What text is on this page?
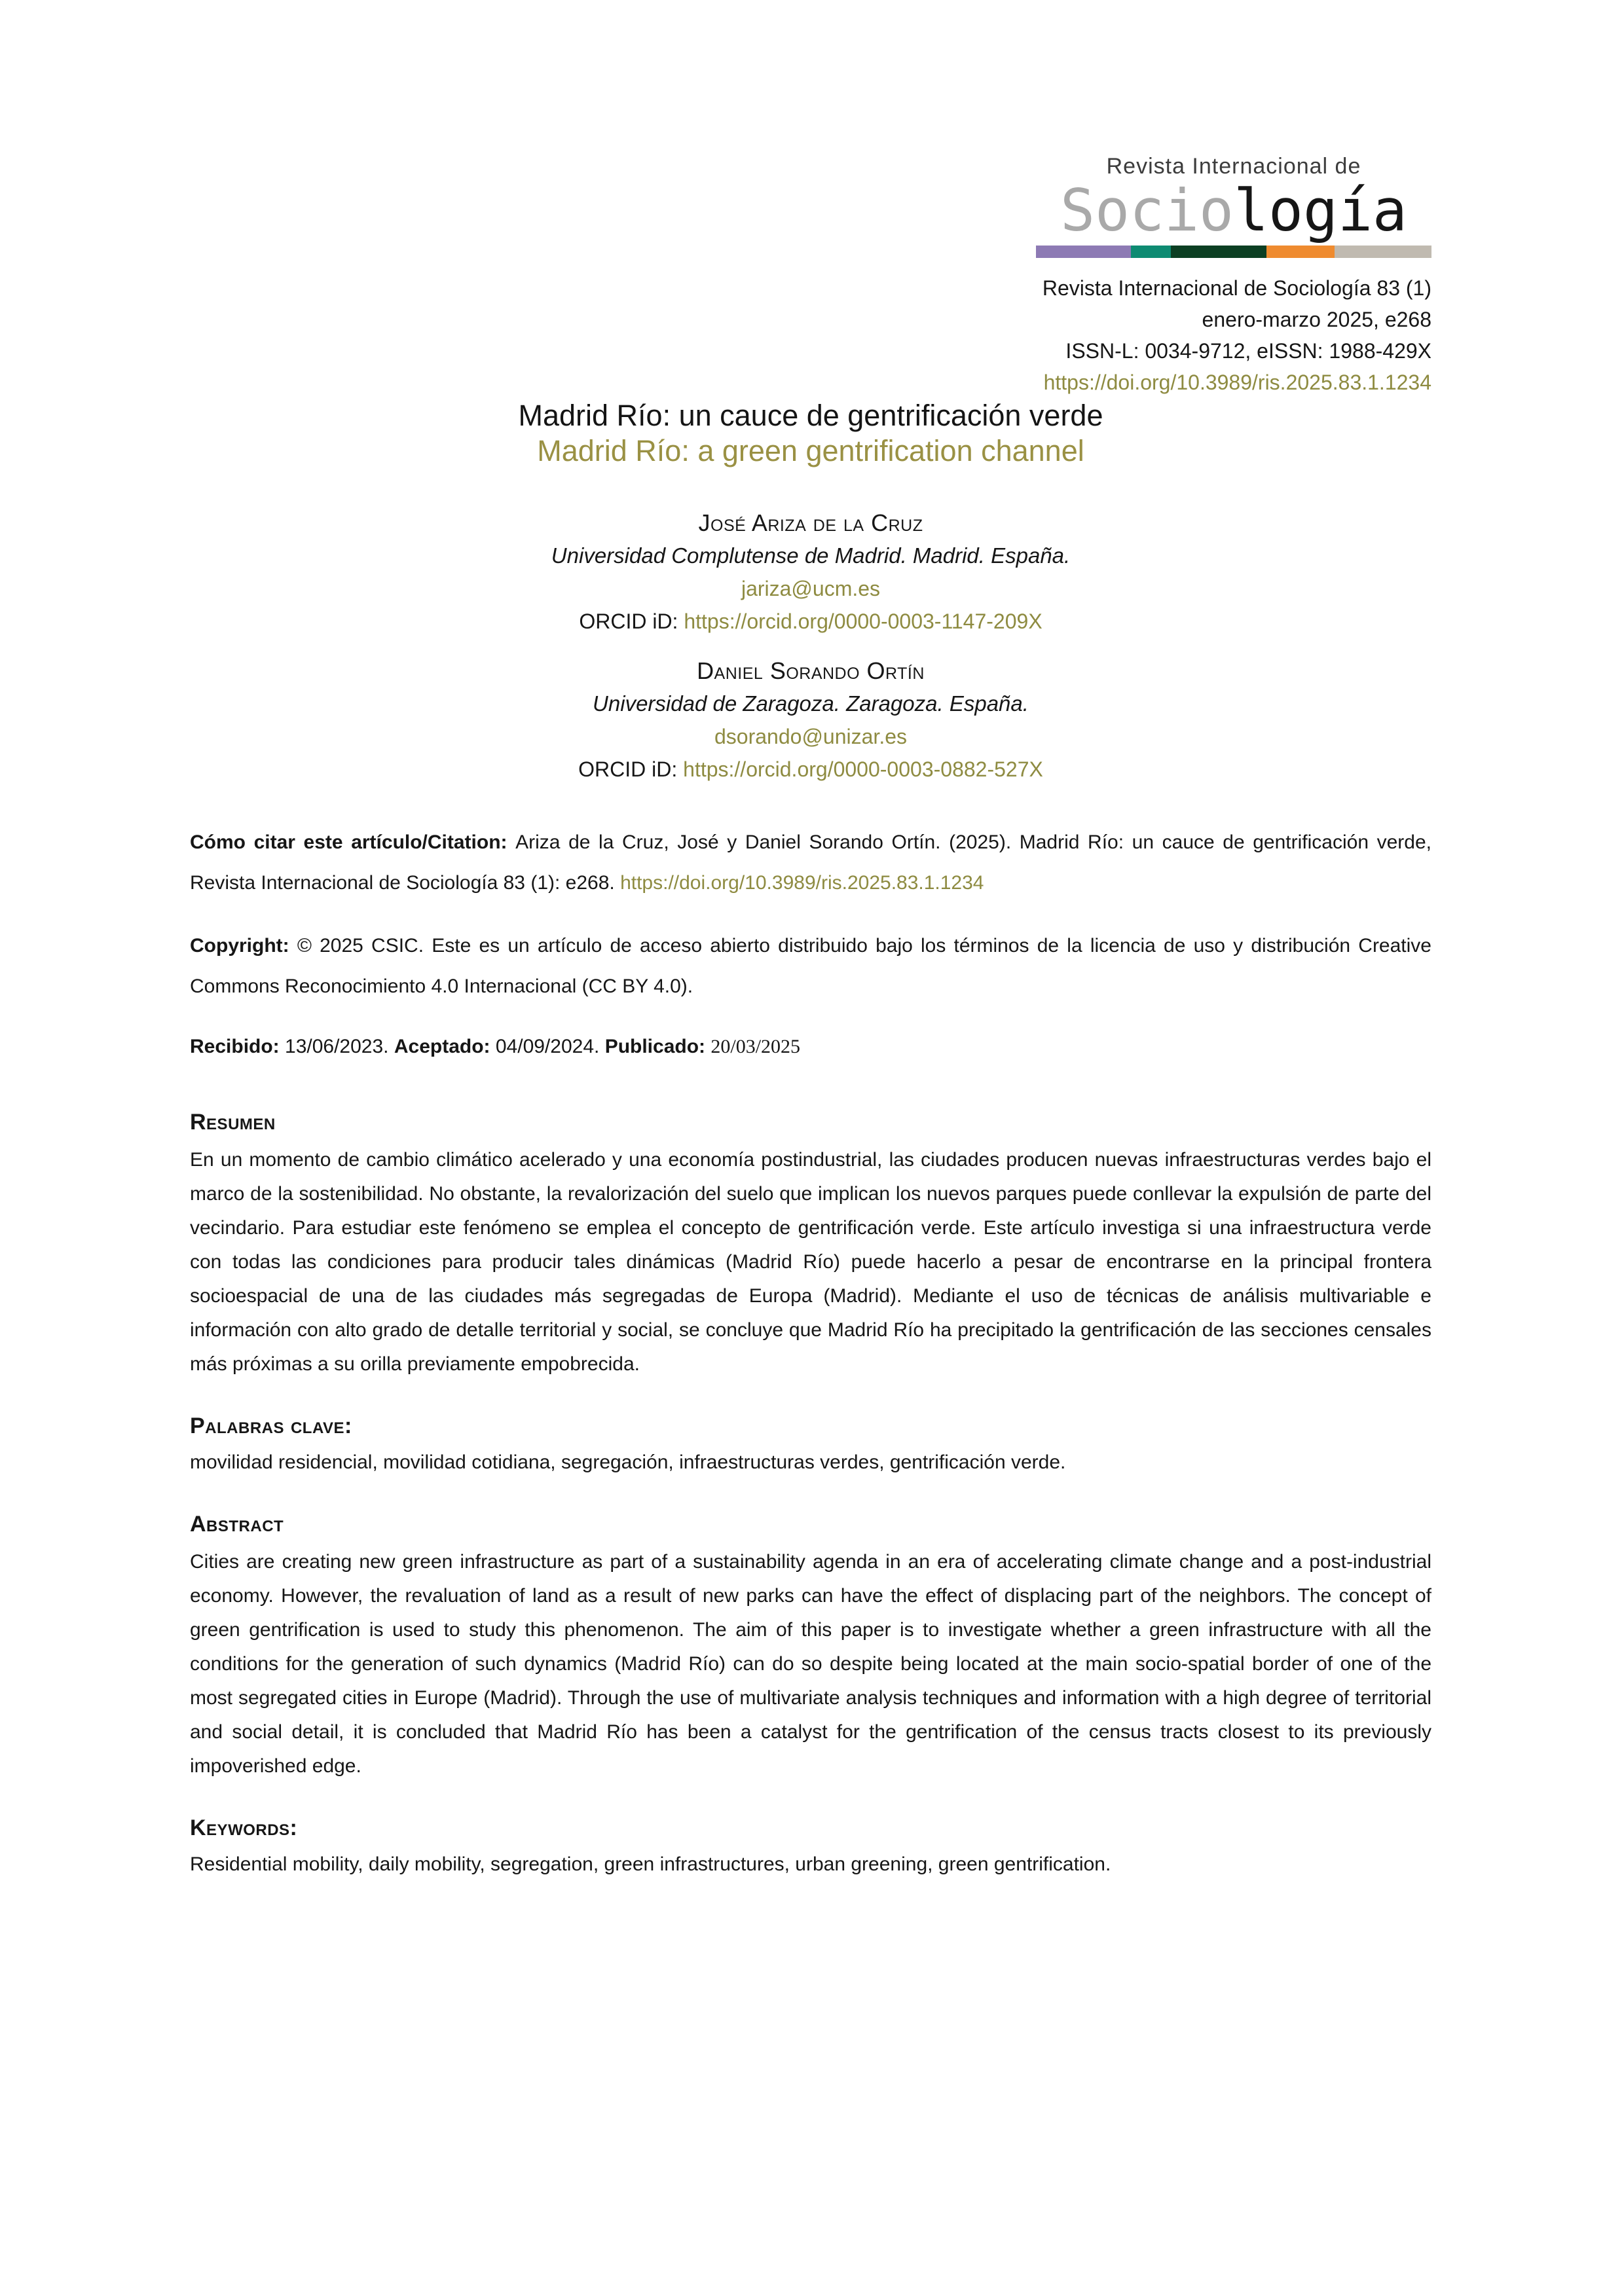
Revista Internacional de
Sociología
Revista Internacional de Sociología 83 (1)
enero-marzo 2025, e268
ISSN-L: 0034-9712, eISSN: 1988-429X
https://doi.org/10.3989/ris.2025.83.1.1234
Madrid Río: un cauce de gentrificación verde
Madrid Río: a green gentrification channel
José Ariza de la Cruz
Universidad Complutense de Madrid. Madrid. España.
jariza@ucm.es
ORCID iD: https://orcid.org/0000-0003-1147-209X
Daniel Sorando Ortín
Universidad de Zaragoza. Zaragoza. España.
dsorando@unizar.es
ORCID iD: https://orcid.org/0000-0003-0882-527X

Cómo citar este artículo/Citation: Ariza de la Cruz, José y Daniel Sorando Ortín. (2025). Madrid Río: un cauce de gentrificación verde, Revista Internacional de Sociología 83 (1): e268. https://doi.org/10.3989/ris.2025.83.1.1234

Copyright: © 2025 CSIC. Este es un artículo de acceso abierto distribuido bajo los términos de la licencia de uso y distribución Creative Commons Reconocimiento 4.0 Internacional (CC BY 4.0).

Recibido: 13/06/2023. Aceptado: 04/09/2024. Publicado: 20/03/2025

Resumen
En un momento de cambio climático acelerado y una economía postindustrial, las ciudades producen nuevas infraestructuras verdes bajo el marco de la sostenibilidad. No obstante, la revalorización del suelo que implican los nuevos parques puede conllevar la expulsión de parte del vecindario. Para estudiar este fenómeno se emplea el concepto de gentrificación verde. Este artículo investiga si una infraestructura verde con todas las condiciones para producir tales dinámicas (Madrid Río) puede hacerlo a pesar de encontrarse en la principal frontera socioespacial de una de las ciudades más segregadas de Europa (Madrid). Mediante el uso de técnicas de análisis multivariable e información con alto grado de detalle territorial y social, se concluye que Madrid Río ha precipitado la gentrificación de las secciones censales más próximas a su orilla previamente empobrecida.
Palabras clave:
movilidad residencial, movilidad cotidiana, segregación, infraestructuras verdes, gentrificación verde.
Abstract
Cities are creating new green infrastructure as part of a sustainability agenda in an era of accelerating climate change and a post-industrial economy. However, the revaluation of land as a result of new parks can have the effect of displacing part of the neighbors. The concept of green gentrification is used to study this phenomenon. The aim of this paper is to investigate whether a green infrastructure with all the conditions for the generation of such dynamics (Madrid Río) can do so despite being located at the main socio-spatial border of one of the most segregated cities in Europe (Madrid). Through the use of multivariate analysis techniques and information with a high degree of territorial and social detail, it is concluded that Madrid Río has been a catalyst for the gentrification of the census tracts closest to its previously impoverished edge.
Keywords:
Residential mobility, daily mobility, segregation, green infrastructures, urban greening, green gentrification.
